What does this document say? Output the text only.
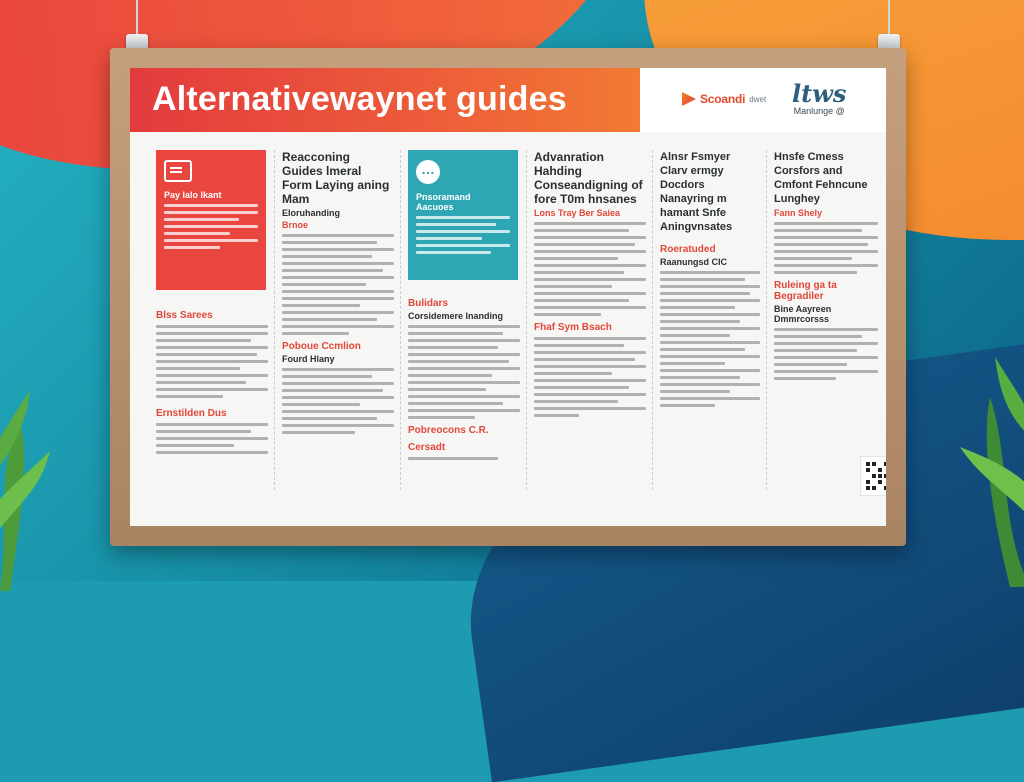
Alternativewaynet guides	Scoandi dwet ltws
Manlunge @
Pay lalo lkant
Blss Sarees
Ernstilden Dus
Reacconing Guides lmeral Form Laying aning Mam
Eloruhanding
Brnoe
Poboue Ccmlion
Fourd Hlany
…
Pnsoramand Aacuoes
Bulidars
Corsidemere lnanding
Pobreocons C.R.
Cersadt
Advanration Hahding Conseandigning of fore T0m hnsanes
Lons Tray Ber Saiea
Fhaf Sym Bsach
Alnsr Fsmyer Clarv ermgy Docdors Nanayring m hamant Snfe Aningvnsates
Roeratuded
Raanungsd CIC
Hnsfe Cmess Corsfors and Cmfont Fehncune Lunghey
Fann Shely
Ruleing ga ta Begradiler
Bine Aayreen Dmmrcorsss
